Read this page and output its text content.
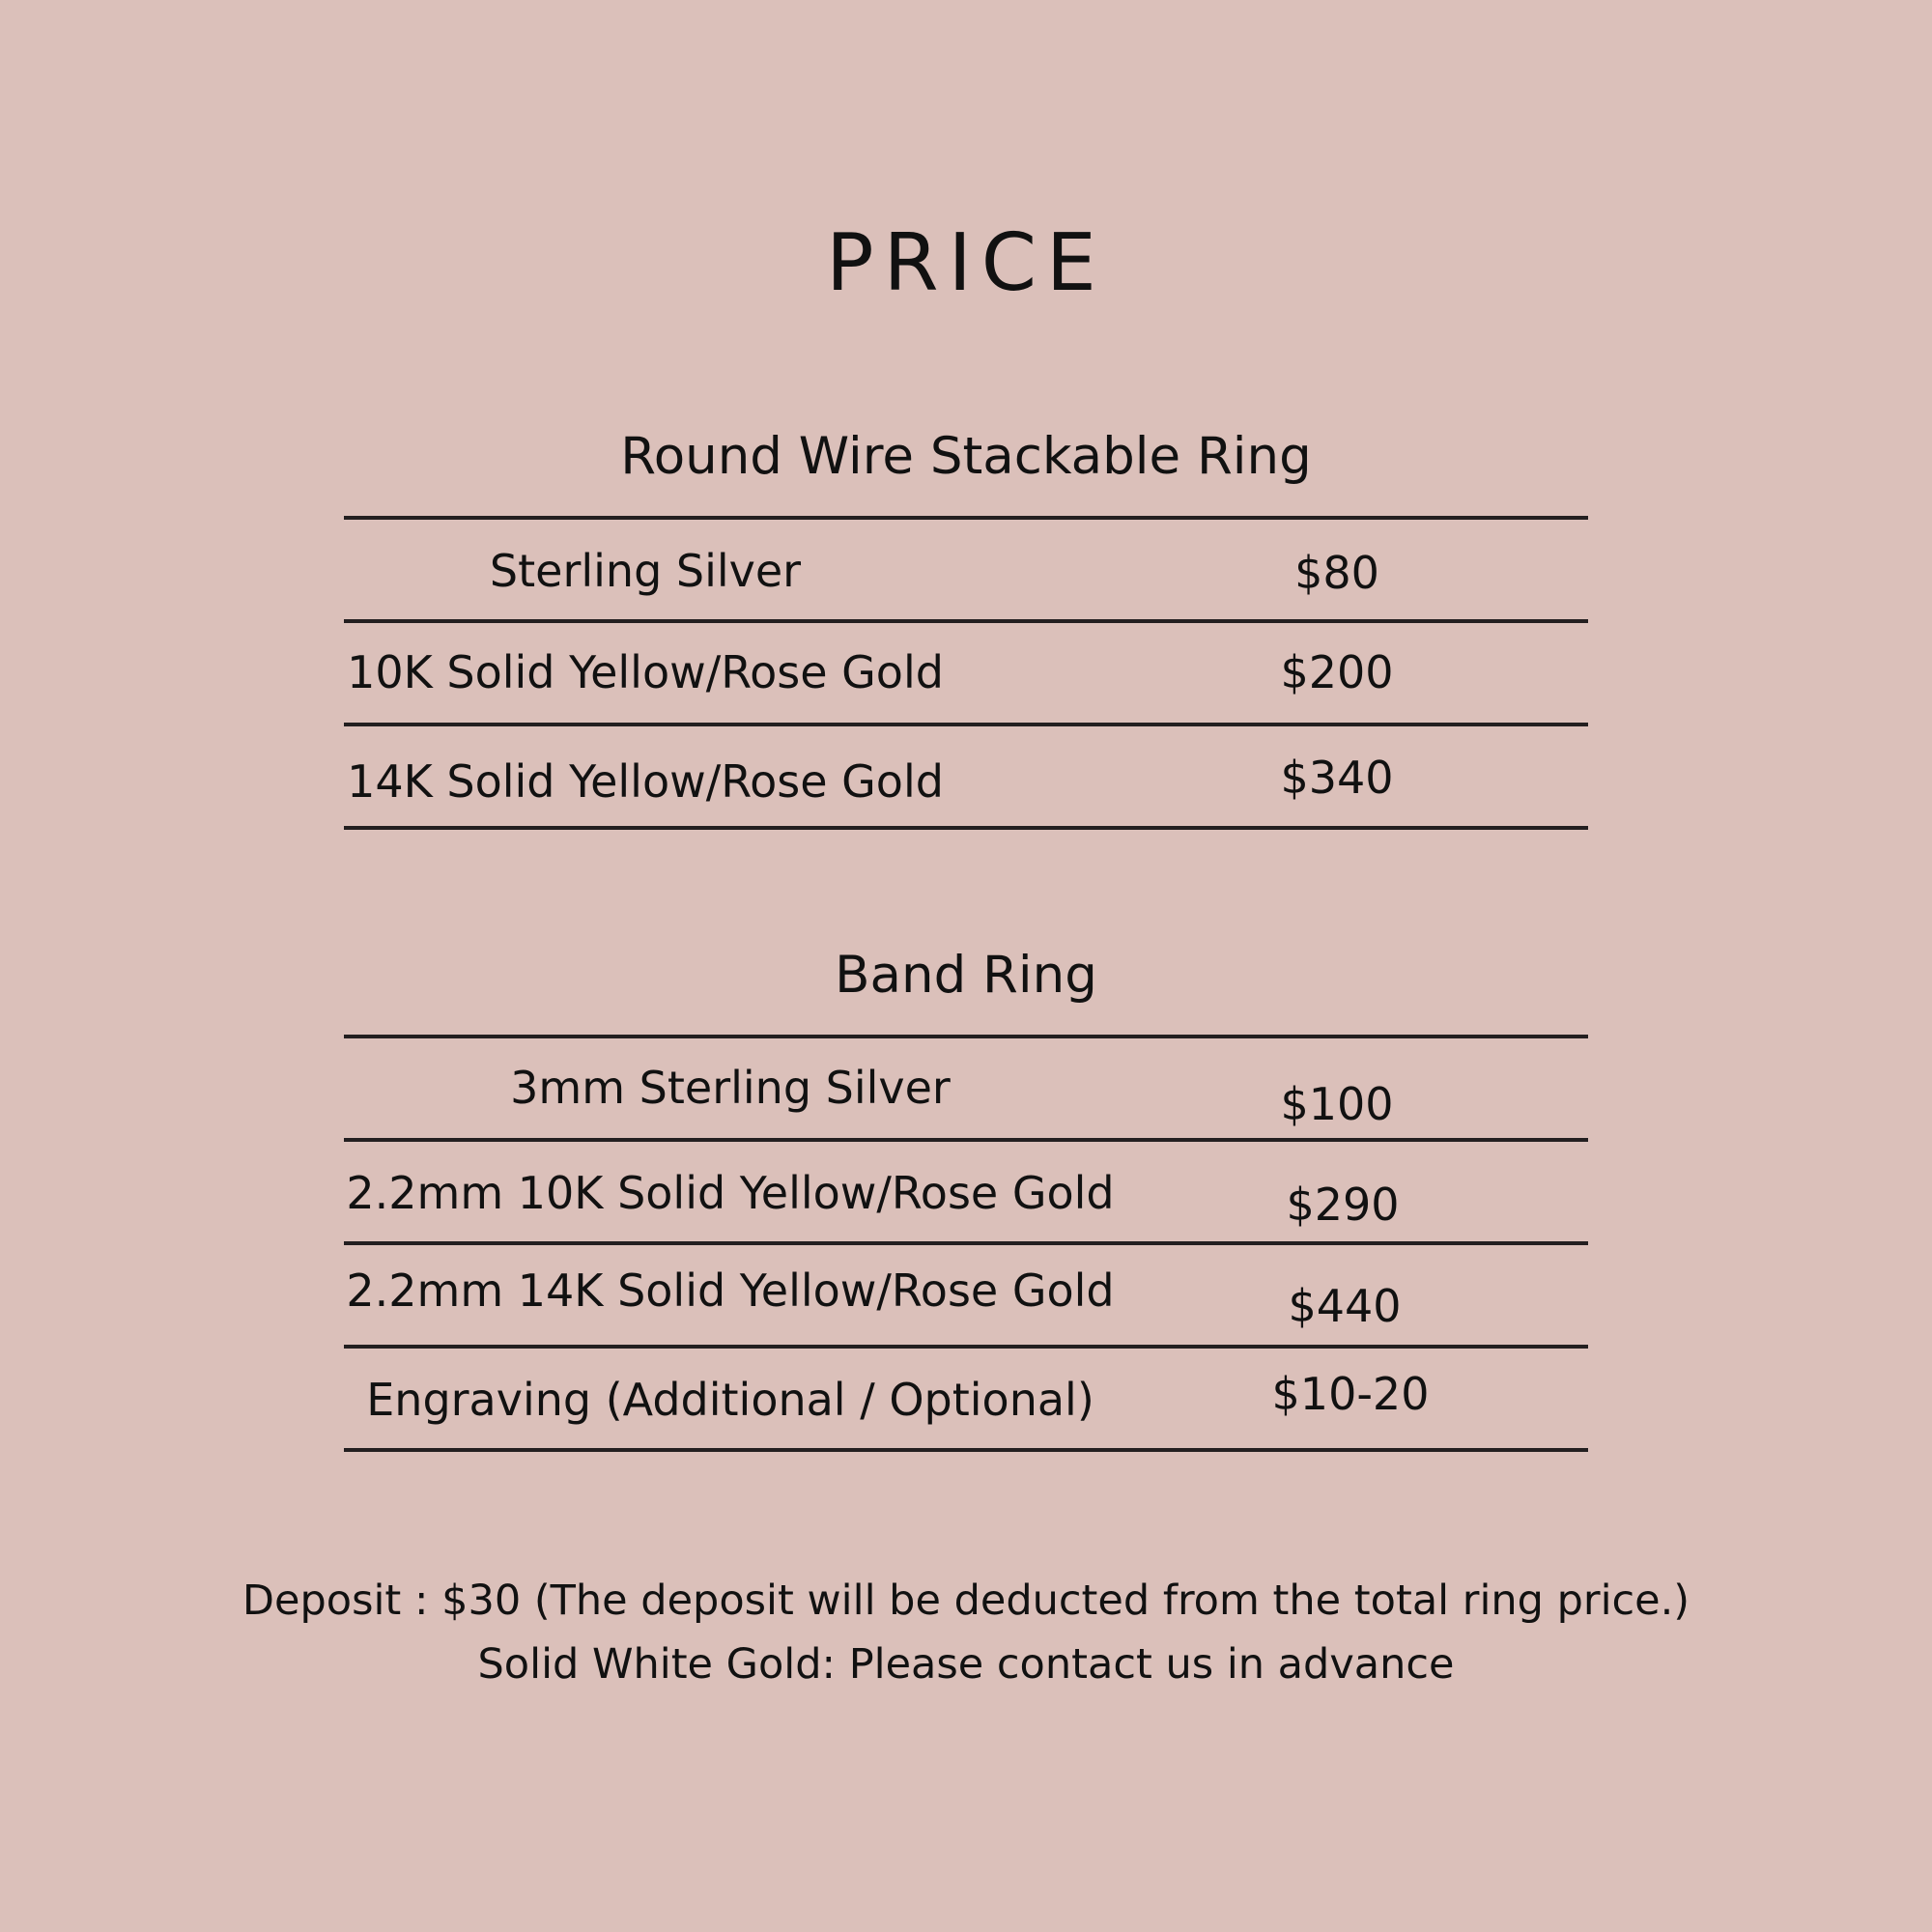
PRICE
Round Wire Stackable Ring
Sterling Silver	$80
10K Solid Yellow/Rose Gold	$200
14K Solid Yellow/Rose Gold	$340
Band Ring
3mm Sterling Silver	$100
2.2mm 10K Solid Yellow/Rose Gold	$290
2.2mm 14K Solid Yellow/Rose Gold	$440
Engraving (Additional / Optional)	$10-20

Deposit : $30 (The deposit will be deducted from the total ring price.)

Solid White Gold: Please contact us in advance
